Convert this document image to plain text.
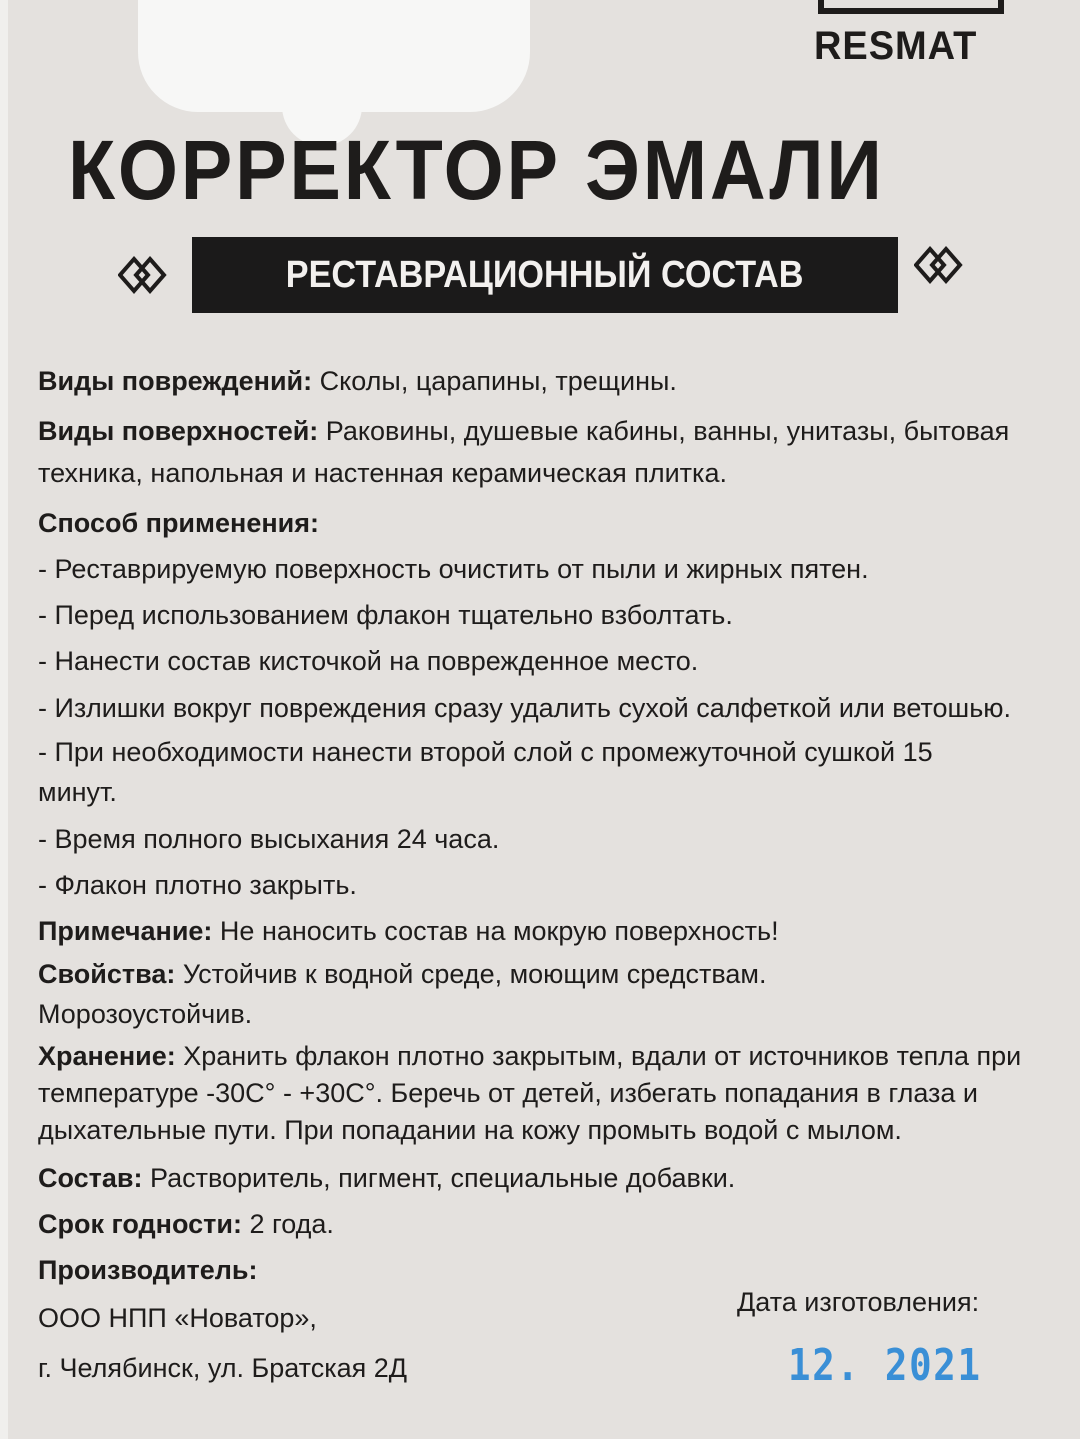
RESMAT
КОРРЕКТОР ЭМАЛИ
РЕСТАВРАЦИОННЫЙ СОСТАВ

Виды повреждений: Сколы, царапины, трещины.

Виды поверхностей: Раковины, душевые кабины, ванны, унитазы, бытовая техника, напольная и настенная керамическая плитка.

Способ применения:

- Реставрируемую поверхность очистить от пыли и жирных пятен.

- Перед использованием флакон тщательно взболтать.

- Нанести состав кисточкой на поврежденное место.

- Излишки вокруг повреждения сразу удалить сухой салфеткой или ветошью.

- При необходимости нанести второй слой с промежуточной сушкой 15 минут.

- Время полного высыхания 24 часа.

- Флакон плотно закрыть.

Примечание: Не наносить состав на мокрую поверхность!

Свойства: Устойчив к водной среде, моющим средствам. Морозоустойчив.

Хранение: Хранить флакон плотно закрытым, вдали от источников тепла при температуре -30С° - +30С°. Беречь от детей, избегать попадания в глаза и дыхательные пути. При попадании на кожу промыть водой с мылом.

Состав: Растворитель, пигмент, специальные добавки.

Срок годности: 2 года.

Производитель:

ООО НПП «Новатор»,

г. Челябинск, ул. Братская 2Д

Дата изготовления:
12. 2021
